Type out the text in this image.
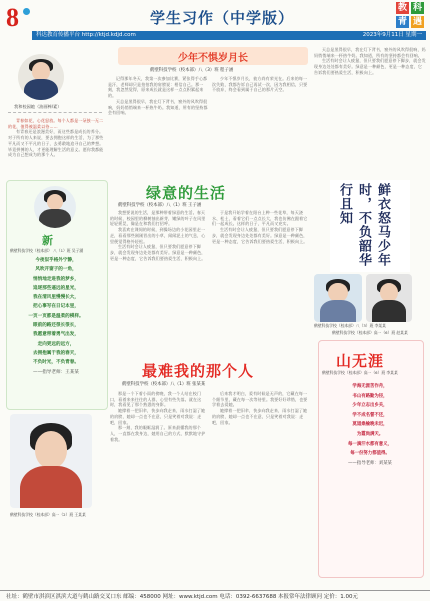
8	学生习作（中学版）
教 科
青 遇
科达教育传播平台 http://ktjd.kdjd.com	2023年9月11日 星期一
我和校园她（油画棒/素）

青春如花，心花怒放。每个人都是一朵独一无二的花，值得被温柔以待……

有青春还是浪漫美好，而这些都是成长的养分。对于所有的人来说，要去拥抱这样的生活，为了那些平凡而又不平凡的日子，去勇敢地追寻自己的梦想。毕竟拼搏的人，才更能理解生活的意义。愿你我都能成为自己想成为的那个人。

少年不惧岁月长
鹤壁科技学校（校本部）八（3）班 程子涵

记得那年冬天，我第一次参加比赛，紧张得手心都是汗，老师却只是拍拍我的肩膀说：相信自己。那一刻，我忽然觉得，原来成长就是这样一点点积累起来的。

天总是黑得很早，我在灯下背书，窗外的风吹得很响，妈妈悄悄端来一杯热牛奶。我知道，所有的坚持都会有回响。

少年不惧岁月长，彼方尚有荣光在。后来的每一次失败，我都告诉自己再试一次，因为我相信，只要不放弃，终会看到属于自己的那片天空。

天总是黑得很早，我在灯下背书，窗外的风吹得很响，妈妈悄悄端来一杯热牛奶。我知道，所有的坚持都会有回响。

生活有时会让人疲惫，但只要我们愿意停下脚步，就会发现身边处处都有美好。绿意是一种颜色，更是一种态度，它告诉我们要热爱生活，积极向上。

新
鹤壁科技学校（校本部） 八（1）班 吴子涵
今夜似乎格外宁静，
风吹开窗子的一角，
悄悄地走进我的梦乡，
追逐那些遥远的星光，
我在清风里慢慢长大，
把心事写在日记本里，
一页一页都是温柔的模样。
眼前的路还很长很长，
我愿意带着勇气出发，
走向更远的远方，
去拥抱属于我的春天，
不负时光，不负青春。
——指导老师：王某某
绿意的生活
鹤壁科技学校（校本部）八（1）班 王子涵

我想要说的生活，是那种带着绿意的生活。春天的时候，校园里的柳树抽出新芽，嫩绿的叶子在风里轻轻摇晃，像是在和我们打招呼。

我喜欢在课间的时候，到操场边的小花园里走一走，看看那些刚刚冒出的小草，闻闻泥土的气息，心里便觉得格外轻松。

生活有时会让人疲惫，但只要我们愿意停下脚步，就会发现身边处处都有美好。绿意是一种颜色，更是一种态度，它告诉我们要热爱生活，积极向上。

于是我开始学着在阳台上种一些花草，每天浇水、松土，看着它们一点点长大，我也仿佛在跟着它们一起成长。这样的日子，平凡而又充实。

生活有时会让人疲惫，但只要我们愿意停下脚步，就会发现身边处处都有美好。绿意是一种颜色，更是一种态度，它告诉我们要热爱生活，积极向上。	鲜衣怒马少年时，不负韶华行且知
鹤壁科技学校（校本部）八（3）班 李某某
鹤壁科技学校（校本部）高一（6）班 赵某某
最难我的那个人
鹤壁科技学校（校本部）八（1）班 张某某

那是一个下着小雨的傍晚，我一个人站在校门口，看着来来往往的人群，心里有些失落。就在这时，我看见了那个熟悉的身影。

她撑着一把旧伞，快步向我走来，雨水打湿了她的肩膀，她却一点也不在意，只是笑着对我说：走吧，回家。

那一刻，我的眼眶湿润了。原来最懂我的那个人，一直都在我身边，她用自己的方式，默默地守护着我。

后来我才明白，爱有时候是无声的，它藏在每一个细节里，藏在每一次等待里。我要好好珍惜，也要学着去爱她。

她撑着一把旧伞，快步向我走来，雨水打湿了她的肩膀，她却一点也不在意，只是笑着对我说：走吧，回家。

鹤壁科技学校（校本部）高一（2）班 王某某
山无涯
鹤壁科技学校（校本部）高一（6）班 李某某
学海无涯苦作舟，
书山有路勤为径，
少年立志出乡关，
学不成名誓不还，
莫道桑榆晚未迟，
为霞尚满天。
每一滴汗水都有意义，
每一份努力都值得。
——指导老师：刘某某
社址：鹤壁市淇滨区淇滨大道与鹤山路交叉口东 邮编：458000 网址：www.ktjd.com 电话：0392-6637688 本报常年法律顾问 定价：1.00元
